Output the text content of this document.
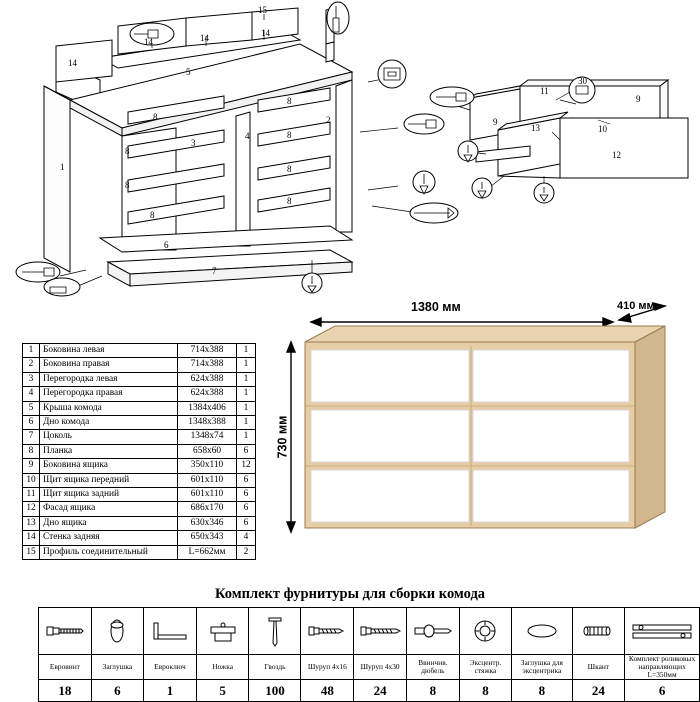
1
2
3
4
5
6
7
8
8
8
8
8
8
8
8
14
14	14	14
15
11
9
9
30
13	10
12
1	Боковина левая	714х388	1
2	Боковина правая	714х388	1
3	Перегородка левая	624х388	1
4	Перегородка правая	624х388	1
5	Крыша комода	1384х406	1
6	Дно комода	1348х388	1
7	Цоколь	1348х74	1
8	Планка	658х60	6
9	Боковина ящика	350х110	12
10	Щит ящика передний	601х110	6
11	Щит ящика задний	601х110	6
12	Фасад ящика	686х170	6
13	Дно ящика	630х346	6
14	Стенка задняя	650х343	4
15	Профиль соединительный	L=662мм	2
1380 мм	410 мм
730 мм
Комплект фурнитуры для сборки комода

Евровинт	Заглушка	Евроключ	Ножка	Гвоздь	Шуруп 4х16	Шуруп 4х30	Ввинчив. дюбель	Эксцентр. стяжка	Заглушка для эксцентрика	Шкант	Комплект роликовых направляющих L=350мм
18	6	1	5	100	48	24	8	8	8	24	6
